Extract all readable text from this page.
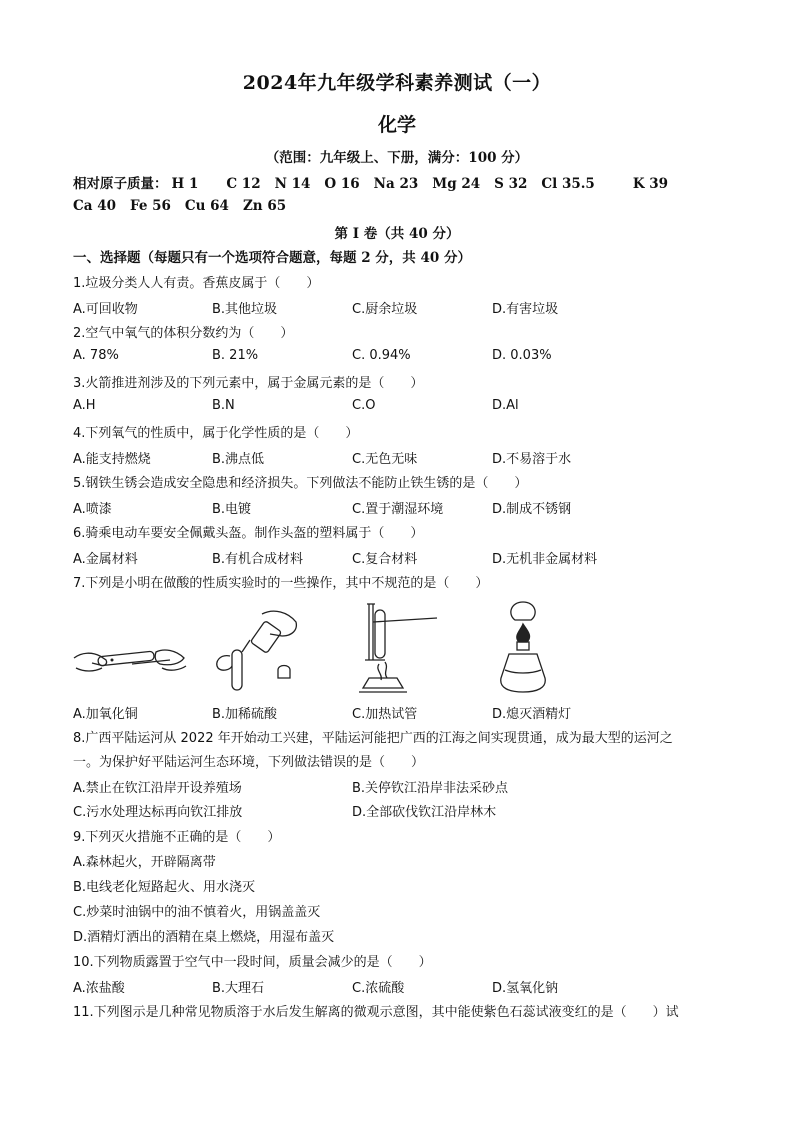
2024年九年级学科素养测试（一）
化学
（范围：九年级上、下册，满分：100 分）
相对原子质量： H 1 C 12 N 14 O 16 Na 23 Mg 24 S 32 Cl 35.5	K 39
Ca 40 Fe 56 Cu 64 Zn 65
第 I 卷（共 40 分）
一、选择题（每题只有一个选项符合题意，每题 2 分，共 40 分）
1.垃圾分类人人有责。香蕉皮属于（　　）
A.可回收物	B.其他垃圾	C.厨余垃圾	D.有害垃圾
2.空气中氧气的体积分数约为（　　）
A. 78%	B. 21%	C. 0.94%	D. 0.03%
3.火箭推进剂涉及的下列元素中，属于金属元素的是（　　）
A.H	B.N	C.O	D.Al
4.下列氧气的性质中，属于化学性质的是（　　）
A.能支持燃烧	B.沸点低	C.无色无味	D.不易溶于水
5.钢铁生锈会造成安全隐患和经济损失。下列做法不能防止铁生锈的是（　　）
A.喷漆	B.电镀	C.置于潮湿环境	D.制成不锈钢
6.骑乘电动车要安全佩戴头盔。制作头盔的塑料属于（　　）
A.金属材料	B.有机合成材料	C.复合材料	D.无机非金属材料
7.下列是小明在做酸的性质实验时的一些操作，其中不规范的是（　　）
A.加氧化铜	B.加稀硫酸	C.加热试管	D.熄灭酒精灯
8.广西平陆运河从 2022 年开始动工兴建，平陆运河能把广西的江海之间实现贯通，成为最大型的运河之
一。为保护好平陆运河生态环境，下列做法错误的是（　　）
A.禁止在钦江沿岸开设养殖场	B.关停钦江沿岸非法采砂点
C.污水处理达标再向钦江排放	D.全部砍伐钦江沿岸林木
9.下列灭火措施不正确的是（　　）
A.森林起火，开辟隔离带
B.电线老化短路起火、用水浇灭
C.炒菜时油锅中的油不慎着火，用锅盖盖灭
D.酒精灯洒出的酒精在桌上燃烧，用湿布盖灭
10.下列物质露置于空气中一段时间，质量会减少的是（　　）
A.浓盐酸	B.大理石	C.浓硫酸	D.氢氧化钠
11.下列图示是几种常见物质溶于水后发生解离的微观示意图，其中能使紫色石蕊试液变红的是（　　）试
